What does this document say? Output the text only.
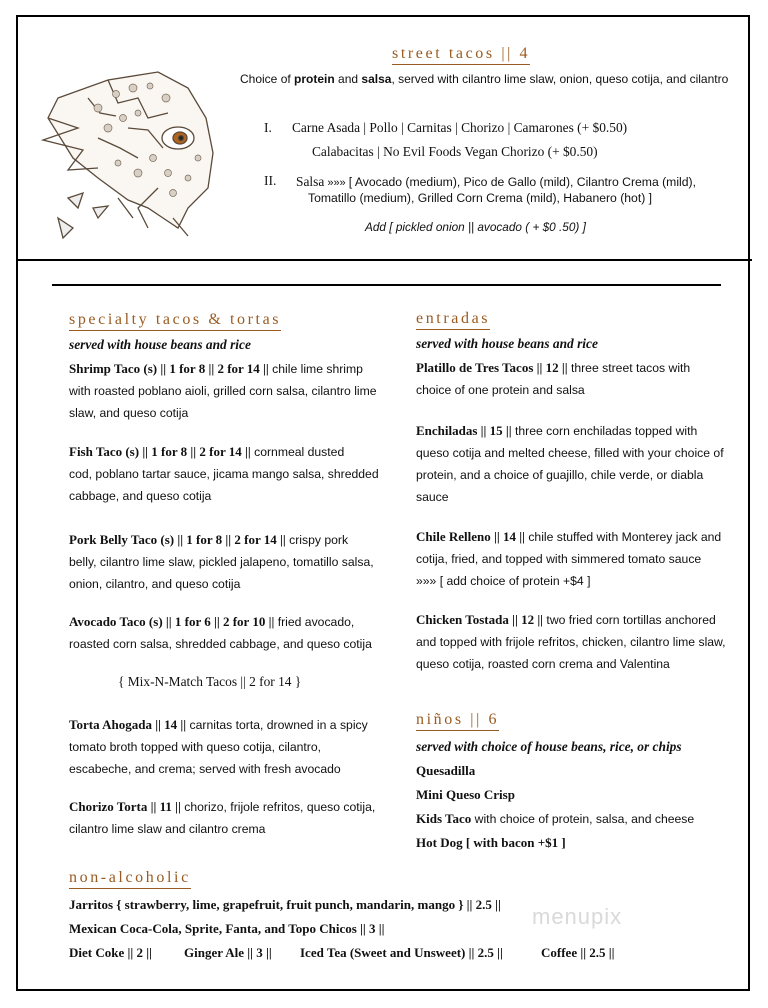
street tacos || 4
Choice of protein and salsa, served with cilantro lime slaw, onion, queso cotija, and cilantro
I. Carne Asada | Pollo | Carnitas | Chorizo | Camarones (+ $0.50)
Calabacitas | No Evil Foods Vegan Chorizo (+ $0.50)
II. Salsa »»» [ Avocado (medium), Pico de Gallo (mild), Cilantro Crema (mild),
Tomatillo (medium), Grilled Corn Crema (mild), Habanero (hot) ]
Add [ pickled onion || avocado ( + $0 .50) ]
specialty tacos & tortas
served with house beans and rice
Shrimp Taco (s) || 1 for 8 || 2 for 14 || chile lime shrimp
with roasted poblano aioli, grilled corn salsa, cilantro lime
slaw, and queso cotija
Fish Taco (s) || 1 for 8 || 2 for 14 || cornmeal dusted
cod, poblano tartar sauce, jicama mango salsa, shredded
cabbage, and queso cotija
Pork Belly Taco (s) || 1 for 8 || 2 for 14 || crispy pork
belly, cilantro lime slaw, pickled jalapeno, tomatillo salsa,
onion, cilantro, and queso cotija
Avocado Taco (s) || 1 for 6 || 2 for 10 || fried avocado,
roasted corn salsa, shredded cabbage, and queso cotija
{ Mix-N-Match Tacos || 2 for 14 }
Torta Ahogada || 14 || carnitas torta, drowned in a spicy
tomato broth topped with queso cotija, cilantro,
escabeche, and crema; served with fresh avocado
Chorizo Torta || 11 || chorizo, frijole refritos, queso cotija,
cilantro lime slaw and cilantro crema
entradas
served with house beans and rice
Platillo de Tres Tacos || 12 || three street tacos with
choice of one protein and salsa
Enchiladas || 15 || three corn enchiladas topped with
queso cotija and melted cheese, filled with your choice of
protein, and a choice of guajillo, chile verde, or diabla
sauce
Chile Relleno || 14 || chile stuffed with Monterey jack and
cotija, fried, and topped with simmered tomato sauce
»»» [ add choice of protein +$4 ]
Chicken Tostada || 12 || two fried corn tortillas anchored
and topped with frijole refritos, chicken, cilantro lime slaw,
queso cotija, roasted corn crema and Valentina
niños || 6
served with choice of house beans, rice, or chips
Quesadilla
Mini Queso Crisp
Kids Taco with choice of protein, salsa, and cheese
Hot Dog [ with bacon +$1 ]
non-alcoholic
Jarritos { strawberry, lime, grapefruit, fruit punch, mandarin, mango } || 2.5 ||
Mexican Coca-Cola, Sprite, Fanta, and Topo Chicos || 3 ||
Diet Coke || 2 || Ginger Ale || 3 || Iced Tea (Sweet and Unsweet) || 2.5 ||	Coffee || 2.5 ||
menupix
